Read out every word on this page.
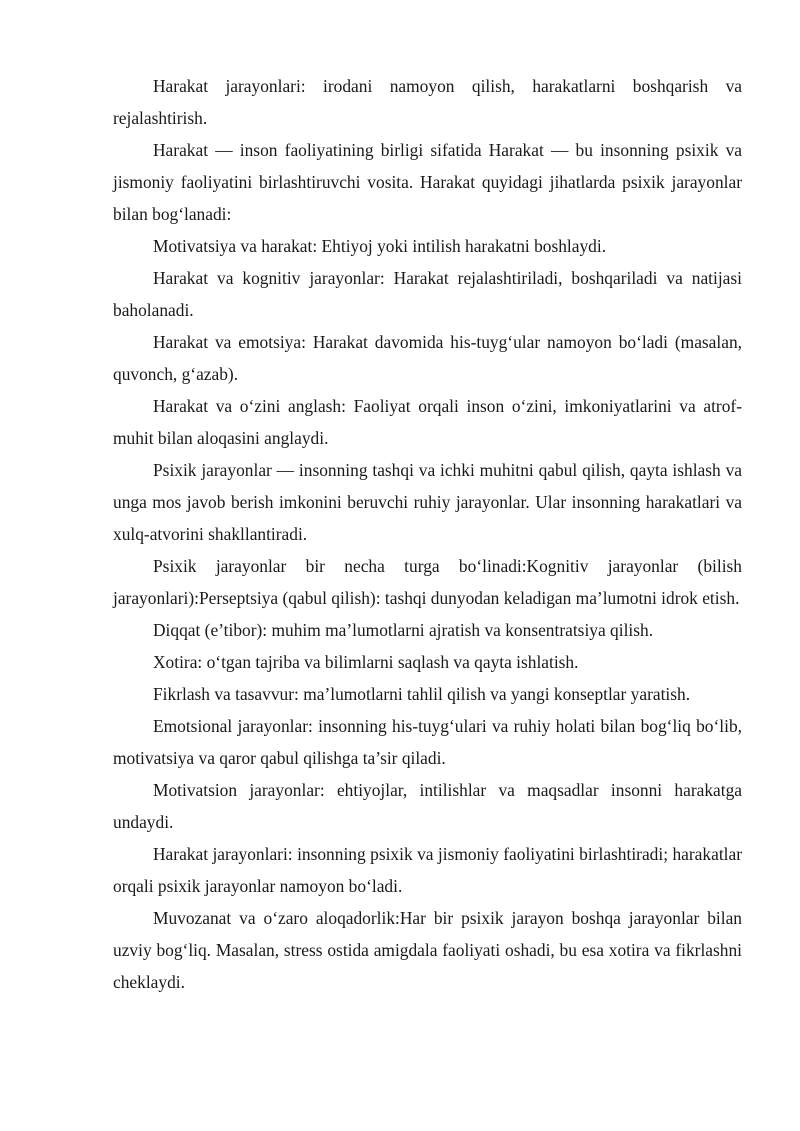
Harakat jarayonlari: irodani namoyon qilish, harakatlarni boshqarish va rejalashtirish.

Harakat — inson faoliyatining birligi sifatida Harakat — bu insonning psixik va jismoniy faoliyatini birlashtiruvchi vosita. Harakat quyidagi jihatlarda psixik jarayonlar bilan bog‘lanadi:

Motivatsiya va harakat: Ehtiyoj yoki intilish harakatni boshlaydi.

Harakat va kognitiv jarayonlar: Harakat rejalashtiriladi, boshqariladi va natijasi baholanadi.

Harakat va emotsiya: Harakat davomida his-tuyg‘ular namoyon bo‘ladi (masalan, quvonch, g‘azab).

Harakat va o‘zini anglash: Faoliyat orqali inson o‘zini, imkoniyatlarini va atrof-muhit bilan aloqasini anglaydi.

Psixik jarayonlar — insonning tashqi va ichki muhitni qabul qilish, qayta ishlash va unga mos javob berish imkonini beruvchi ruhiy jarayonlar. Ular insonning harakatlari va xulq-atvorini shakllantiradi.

Psixik jarayonlar bir necha turga bo‘linadi:Kognitiv jarayonlar (bilish jarayonlari):Perseptsiya (qabul qilish): tashqi dunyodan keladigan ma’lumotni idrok etish.

Diqqat (e’tibor): muhim ma’lumotlarni ajratish va konsentratsiya qilish.

Xotira: o‘tgan tajriba va bilimlarni saqlash va qayta ishlatish.

Fikrlash va tasavvur: ma’lumotlarni tahlil qilish va yangi konseptlar yaratish.

Emotsional jarayonlar: insonning his-tuyg‘ulari va ruhiy holati bilan bog‘liq bo‘lib, motivatsiya va qaror qabul qilishga ta’sir qiladi.

Motivatsion jarayonlar: ehtiyojlar, intilishlar va maqsadlar insonni harakatga undaydi.

Harakat jarayonlari: insonning psixik va jismoniy faoliyatini birlashtiradi; harakatlar orqali psixik jarayonlar namoyon bo‘ladi.

Muvozanat va o‘zaro aloqadorlik:Har bir psixik jarayon boshqa jarayonlar bilan uzviy bog‘liq. Masalan, stress ostida amigdala faoliyati oshadi, bu esa xotira va fikrlashni cheklaydi.
